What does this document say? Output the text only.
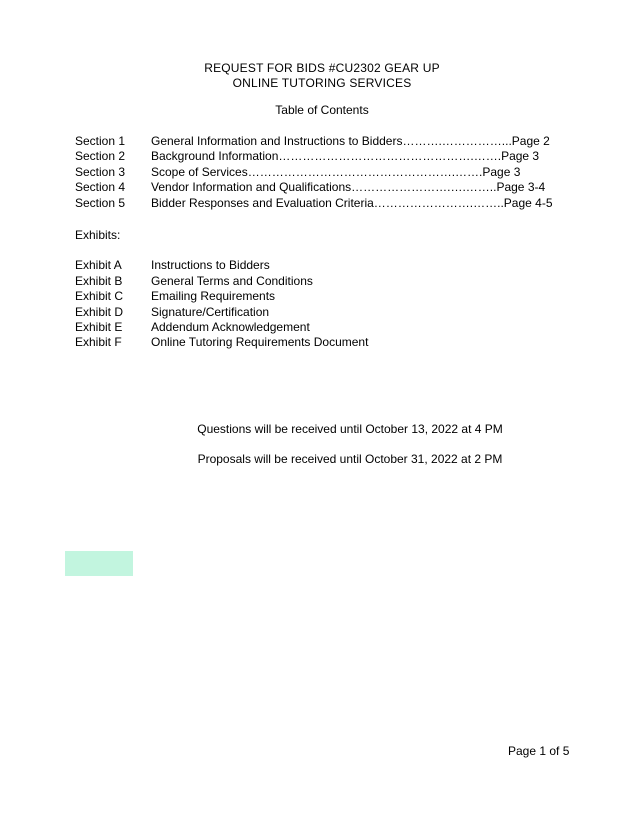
REQUEST FOR BIDS #CU2302 GEAR UP
ONLINE TUTORING SERVICES
Table of Contents
Section 1	General Information and Instructions to Bidders……….……………...Page 2
Section 2	Background Information………………………………………….…….Page 3
Section 3	Scope of Services…………………………………………….…….Page 3
Section 4	Vendor Information and Qualifications…………………….….……..Page 3-4
Section 5	Bidder Responses and Evaluation Criteria…………………….……..Page 4-5
Exhibits:
Exhibit A	Instructions to Bidders
Exhibit B	General Terms and Conditions
Exhibit C	Emailing Requirements
Exhibit D	Signature/Certification
Exhibit E	Addendum Acknowledgement
Exhibit F	Online Tutoring Requirements Document
Questions will be received until October 13, 2022 at 4 PM
Proposals will be received until October 31, 2022 at 2 PM
Page 1 of 5
